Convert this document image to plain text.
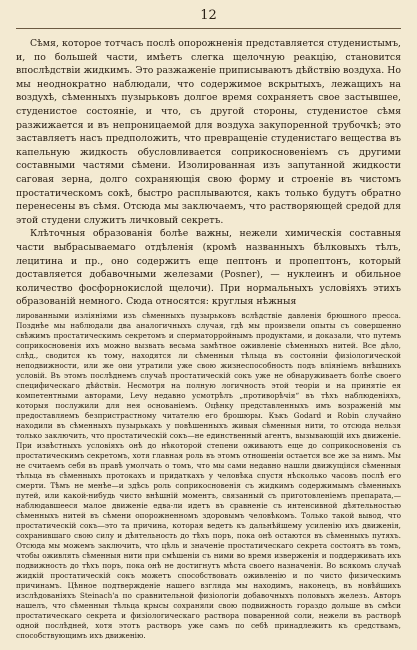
12

Сѣмя, которое тотчасъ послѣ опорожненія представляется студенистымъ, и, по большей части, имѣетъ слегка щелочную реакцію, становится впослѣдствіи жидкимъ. Это разжаженіе приписываютъ дѣйствію воздуха. Но мы неоднократно наблюдали, что содержимое вскрытыхъ, лежащихъ на воздухѣ, сѣменныхъ пузырьковъ долгое время сохраняетъ свое застывшее, студенистое состояніе, и что, съ другой стороны, студенистое сѣмя разжижается и въ непроницаемой для воздуха закупоренной трубочкѣ; это заставляетъ насъ предположить, что превращеніе студенистаго вещества въ капельную жидкость обусловливается соприкосновеніемъ съ другими составными частями сѣмени. Изолированная изъ запутанной жидкости саговая зерна, долго сохраняющія свою форму и строеніе въ чистомъ простатическомъ сокѣ, быстро расплываются, какъ только будутъ обратно перенесены въ сѣмя. Отсюда мы заключаемъ, что растворяющей средой для этой студени служитъ личковый секретъ.

Клѣточныя образованія болѣе важны, нежели химическія составныя части выбрасываемаго отдѣленія (кромѣ названныхъ бѣлковыхъ тѣлъ, лецитина и пр., оно содержитъ еще пептонъ и пропептонъ, который доставляется добавочными железами (Posner), — нуклеинъ и обильное количество фосфорнокислой щелочи). При нормальныхъ условіяхъ этихъ образованій немного. Сюда относятся: круглыя нѣжныя

лированными изліяніями изъ сѣменныхъ пузырьковъ вслѣдствіе давленія брюшного пресса. Позднѣе мы наблюдали два аналогичныхъ случая, гдѣ мы произвели опыты съ совершенно свѣжимъ простатическимъ секретомъ и сперматорройнымъ продуктами, и доказали, что путемъ соприкосновенія ихъ можно вызвать весьма замѣтное оживленіе сѣменныхъ нитей. Все дѣло, слѣд., сводится къ тому, находятся ли сѣменныя тѣльца въ состояніи физіологической неподвижности, или же они утратили уже свою жизнеспособность подъ вліяніемъ внѣшнихъ условій. Въ этомъ послѣднемъ случаѣ простатическій сокъ уже не обнаруживаетъ болѣе своего специфическаго дѣйствія. Несмотря на полную логичность этой теоріи и на принятіе ея компетентными авторами, Levy недавно усмотрѣлъ „противорѣчія“ въ тѣхъ наблюденіяхъ, которыя послужили для нея основаніемъ. Оцѣнку представленныхъ имъ возраженій мы предоставляемъ безпристрастному читателю его брошюры. Къкъ Godard и Robin случайно находили въ сѣменныхъ пузырькахъ у повѣшенныхъ живыя сѣменныя нити, то отсюда нельзя только заключить, что простатическій сокъ—не единственный агентъ, вызывающій ихъ движеніе. При извѣстныхъ условіяхъ онѣ до нѣкоторой степени оживаютъ еще до соприкосновенія съ простатическимъ секретомъ, хотя главная роль въ этомъ отношеніи остается все же за нимъ. Мы не считаемъ себя въ правѣ умолчать о томъ, что мы сами недавно нашли движущіяся сѣменныя тѣльца въ сѣменныхъ протокахъ и придаткахъ у человѣка спустя нѣсколько часовъ послѣ его смерти. Тѣмъ не менѣе—и здѣсь роль соприкосновенія съ жидкимъ содержимымъ сѣменныхъ путей, или какой-нибудь чисто внѣшній моментъ, связанный съ приготовленіемъ препарата,—наблюдавшееся малое движеніе едва-ли идетъ въ сравненіе съ интенсивной дѣятельностью сѣменныхъ нитей въ сѣмени опорожненномъ здоровымъ человѣкомъ. Только такой вывод, что простатическій сокъ—это та причина, которая ведетъ къ дальнѣйшему усиленію ихъ движенія, сохранившаго свою силу и дѣятельность до тѣхъ поръ, пока онѣ остаются въ сѣменныхъ путяхъ. Отсюда мы можемъ заключить, что цѣль и значеніе простатическаго секрета состоятъ въ томъ, чтобы оживлять сѣменныя нити при смѣшеніи съ ними во время изверженія и поддерживать ихъ подвижность до тѣхъ поръ, пока онѣ не достигнутъ мѣста своего назначенія. Во всякомъ случаѣ жидкій простатическій сокъ можетъ способствовать оживленію и по чисто физическимъ причинамъ. Цѣнное подтвержденіе нашего взгляда мы находимъ, наконецъ, въ новѣйшихъ изслѣдованіяхъ Steinach'а по сравнительной физіологіи добавочныхъ половыхъ железъ. Авторъ нашелъ, что сѣменныя тѣльца крысы сохраняли свою подвижность гораздо дольше въ смѣси простатическаго секрета и физіологическаго раствора поваренной соли, нежели въ растворѣ одной послѣдней, хотя этотъ растворъ уже самъ по себѣ принадлежитъ къ средствамъ, способствующимъ ихъ движенію.
